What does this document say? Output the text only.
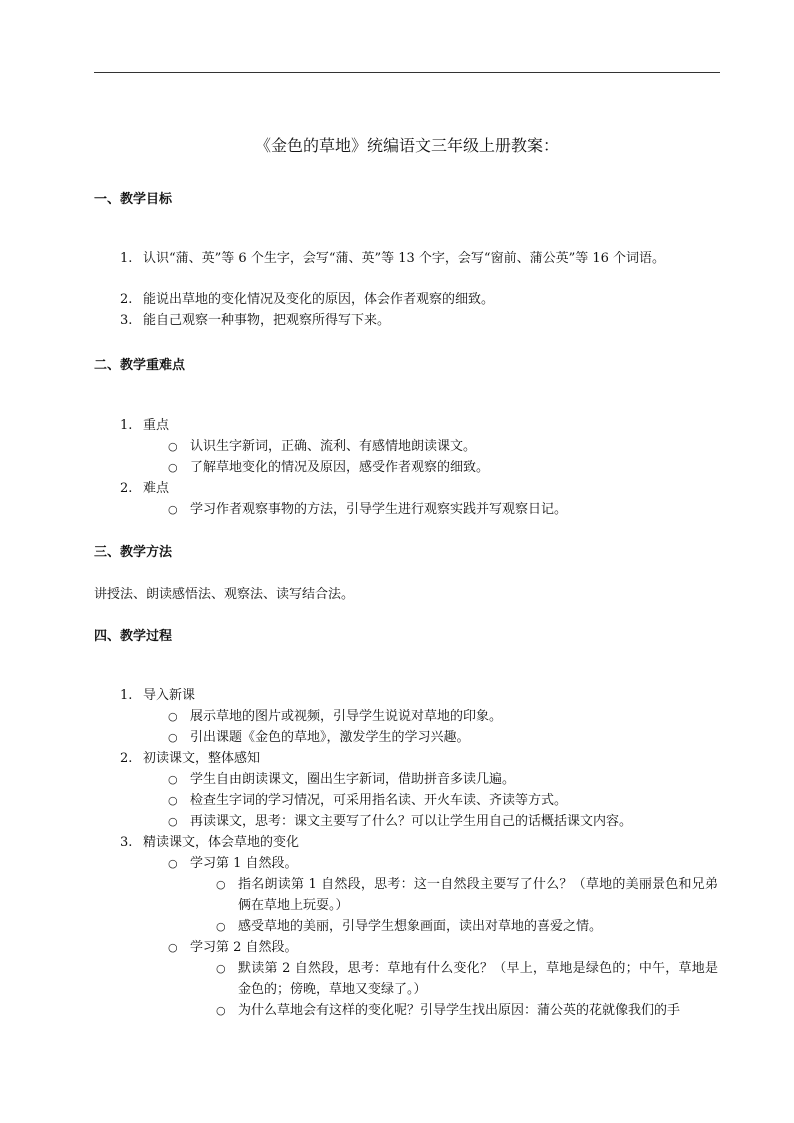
《金色的草地》统编语文三年级上册教案：
一、教学目标
1. 认识“蒲、英”等 6 个生字，会写“蒲、英”等 13 个字，会写“窗前、蒲公英”等 16 个词语。
2. 能说出草地的变化情况及变化的原因，体会作者观察的细致。
3. 能自己观察一种事物，把观察所得写下来。
二、教学重难点
1. 重点
○ 认识生字新词，正确、流利、有感情地朗读课文。
○ 了解草地变化的情况及原因，感受作者观察的细致。
2. 难点
○ 学习作者观察事物的方法，引导学生进行观察实践并写观察日记。
三、教学方法
讲授法、朗读感悟法、观察法、读写结合法。
四、教学过程
1. 导入新课
○ 展示草地的图片或视频，引导学生说说对草地的印象。
○ 引出课题《金色的草地》，激发学生的学习兴趣。
2. 初读课文，整体感知
○ 学生自由朗读课文，圈出生字新词，借助拼音多读几遍。
○ 检查生字词的学习情况，可采用指名读、开火车读、齐读等方式。
○ 再读课文，思考：课文主要写了什么？可以让学生用自己的话概括课文内容。
3. 精读课文，体会草地的变化
○ 学习第 1 自然段。
○ 指名朗读第 1 自然段，思考：这一自然段主要写了什么？（草地的美丽景色和兄弟俩在草地上玩耍。）
○ 感受草地的美丽，引导学生想象画面，读出对草地的喜爱之情。
○ 学习第 2 自然段。
○ 默读第 2 自然段，思考：草地有什么变化？（早上，草地是绿色的；中午，草地是金色的；傍晚，草地又变绿了。）
○ 为什么草地会有这样的变化呢？引导学生找出原因：蒲公英的花就像我们的手
